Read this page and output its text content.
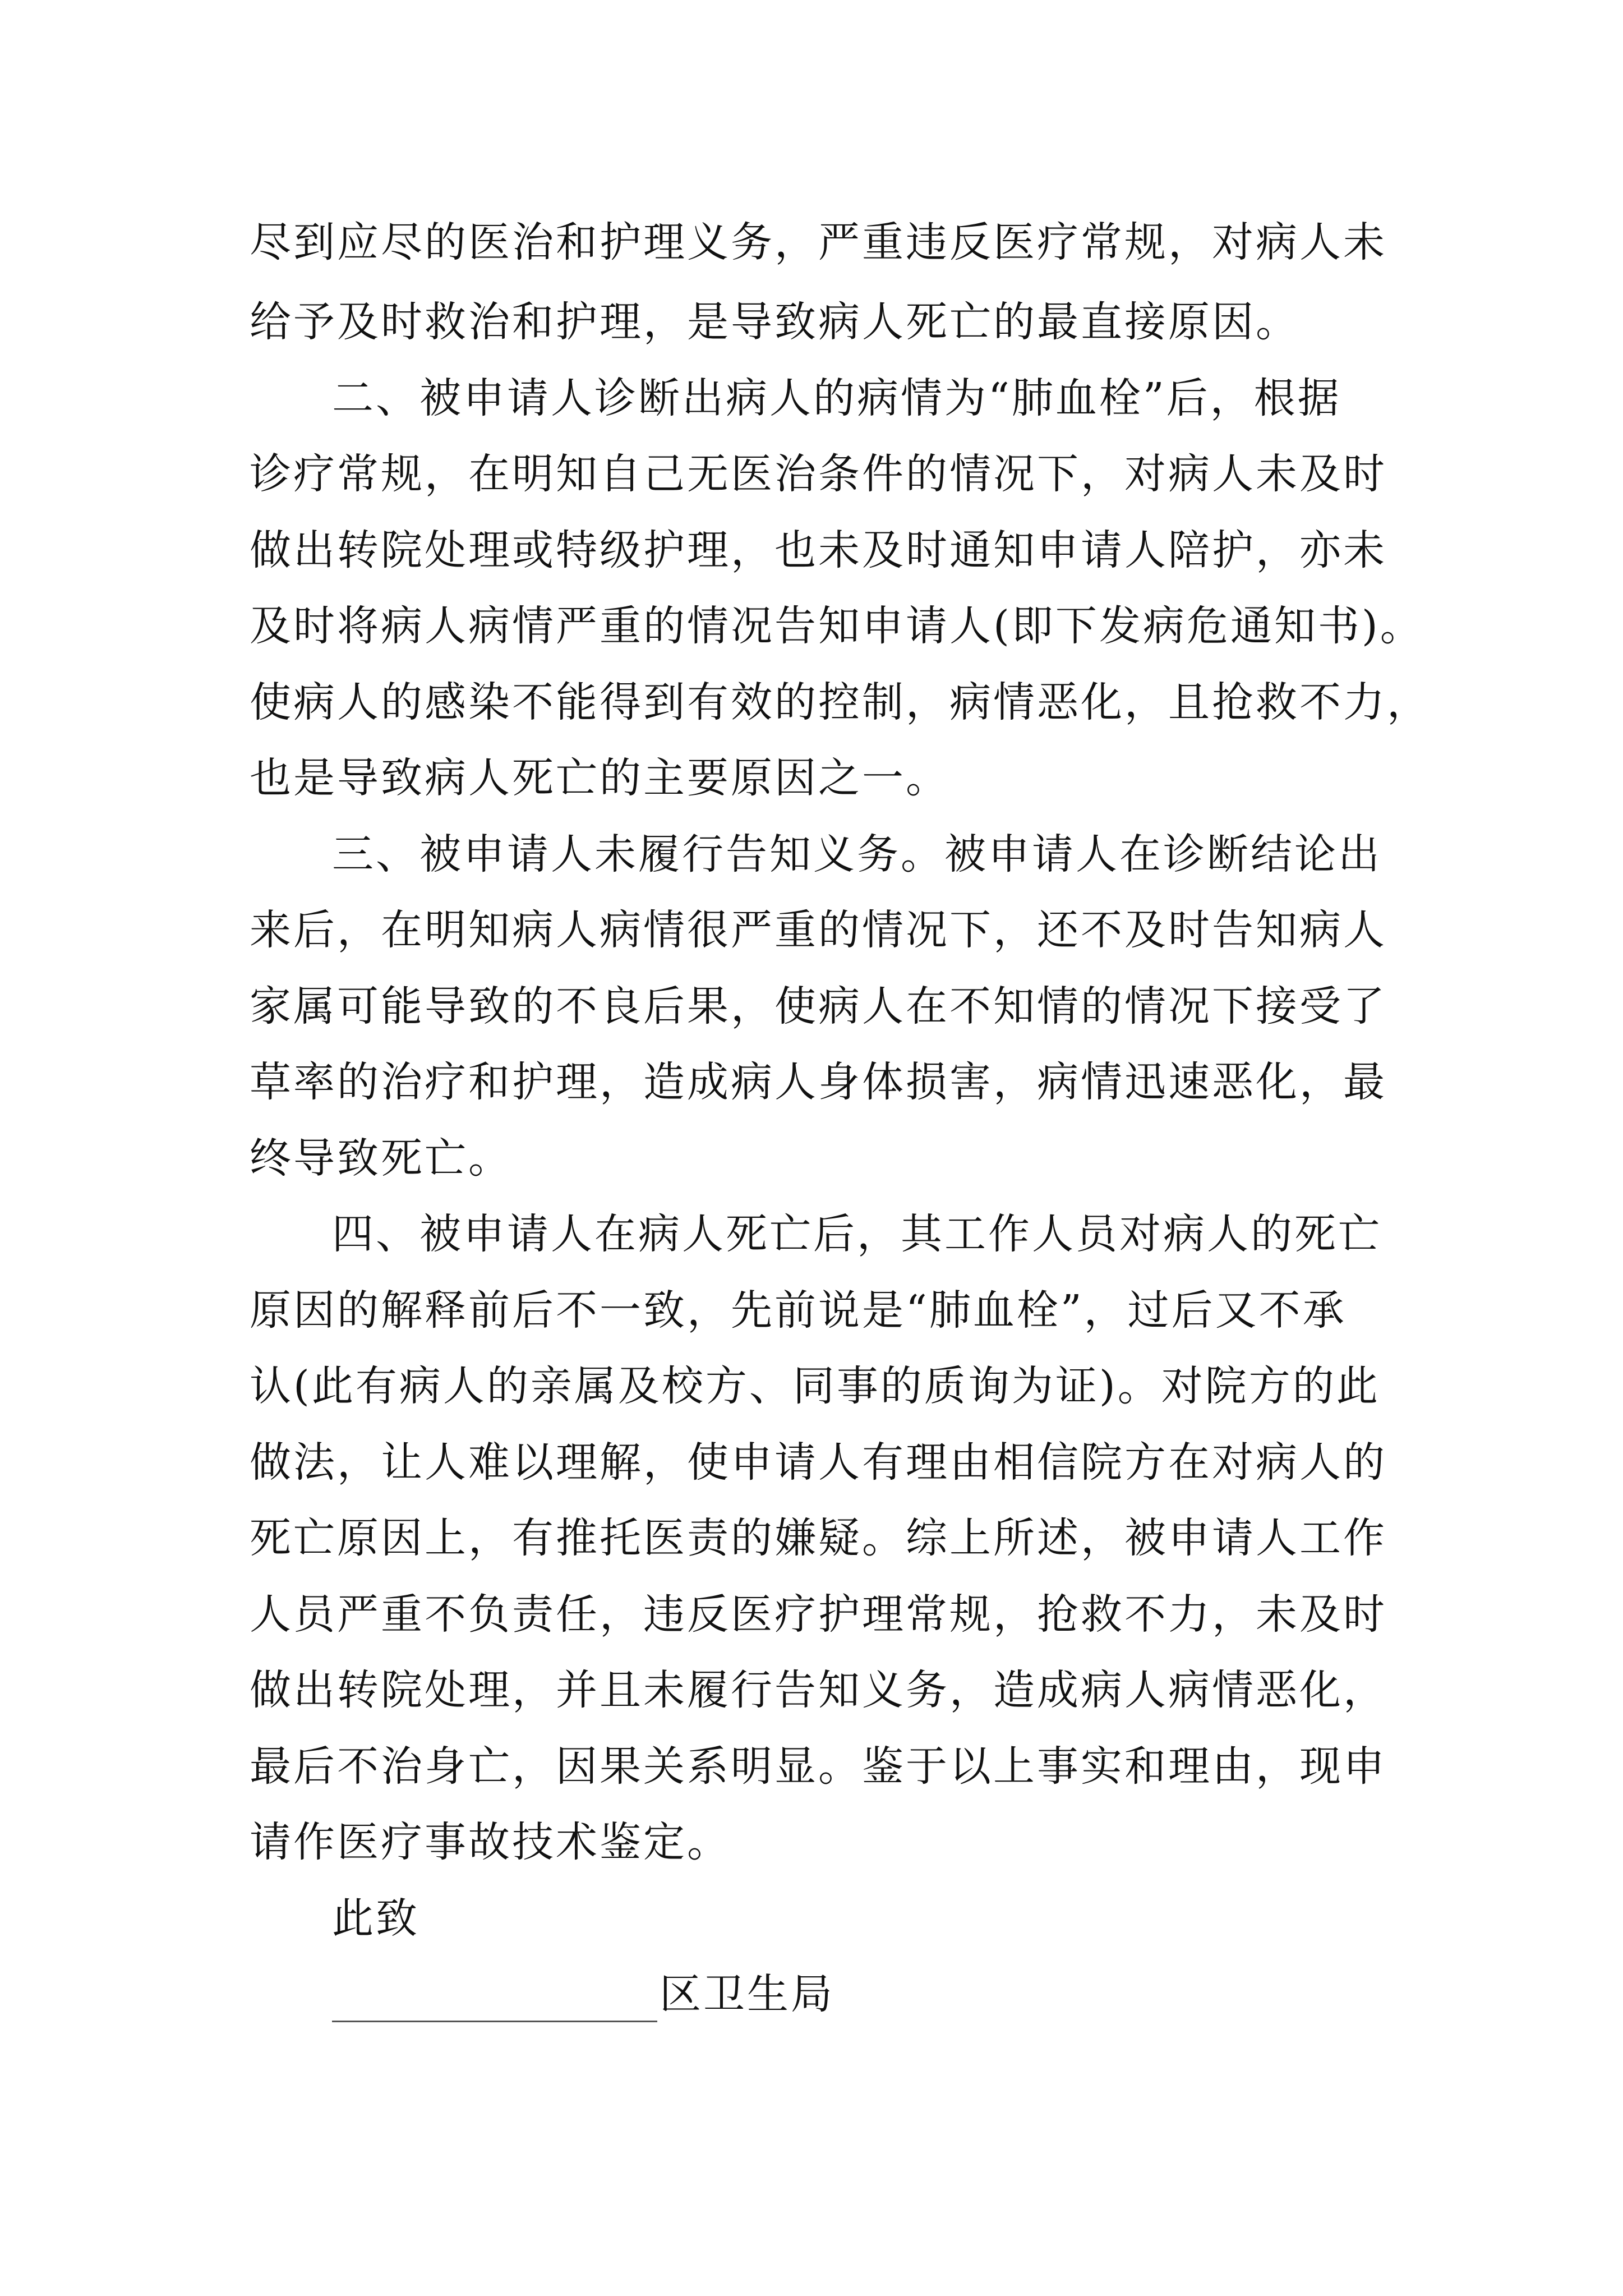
尽到应尽的医治和护理义务，严重违反医疗常规，对病人未
给予及时救治和护理，是导致病人死亡的最直接原因。
二、被申请人诊断出病人的病情为“肺血栓”后，根据
诊疗常规，在明知自己无医治条件的情况下，对病人未及时
做出转院处理或特级护理，也未及时通知申请人陪护，亦未
及时将病人病情严重的情况告知申请人(即下发病危通知书)。
使病人的感染不能得到有效的控制，病情恶化，且抢救不力，
也是导致病人死亡的主要原因之一。
三、被申请人未履行告知义务。被申请人在诊断结论出
来后，在明知病人病情很严重的情况下，还不及时告知病人
家属可能导致的不良后果，使病人在不知情的情况下接受了
草率的治疗和护理，造成病人身体损害，病情迅速恶化，最
终导致死亡。
四、被申请人在病人死亡后，其工作人员对病人的死亡
原因的解释前后不一致，先前说是“肺血栓”，过后又不承
认(此有病人的亲属及校方、同事的质询为证)。对院方的此
做法，让人难以理解，使申请人有理由相信院方在对病人的
死亡原因上，有推托医责的嫌疑。综上所述，被申请人工作
人员严重不负责任，违反医疗护理常规，抢救不力，未及时
做出转院处理，并且未履行告知义务，造成病人病情恶化，
最后不治身亡，因果关系明显。鉴于以上事实和理由，现申
请作医疗事故技术鉴定。
此致
区卫生局
